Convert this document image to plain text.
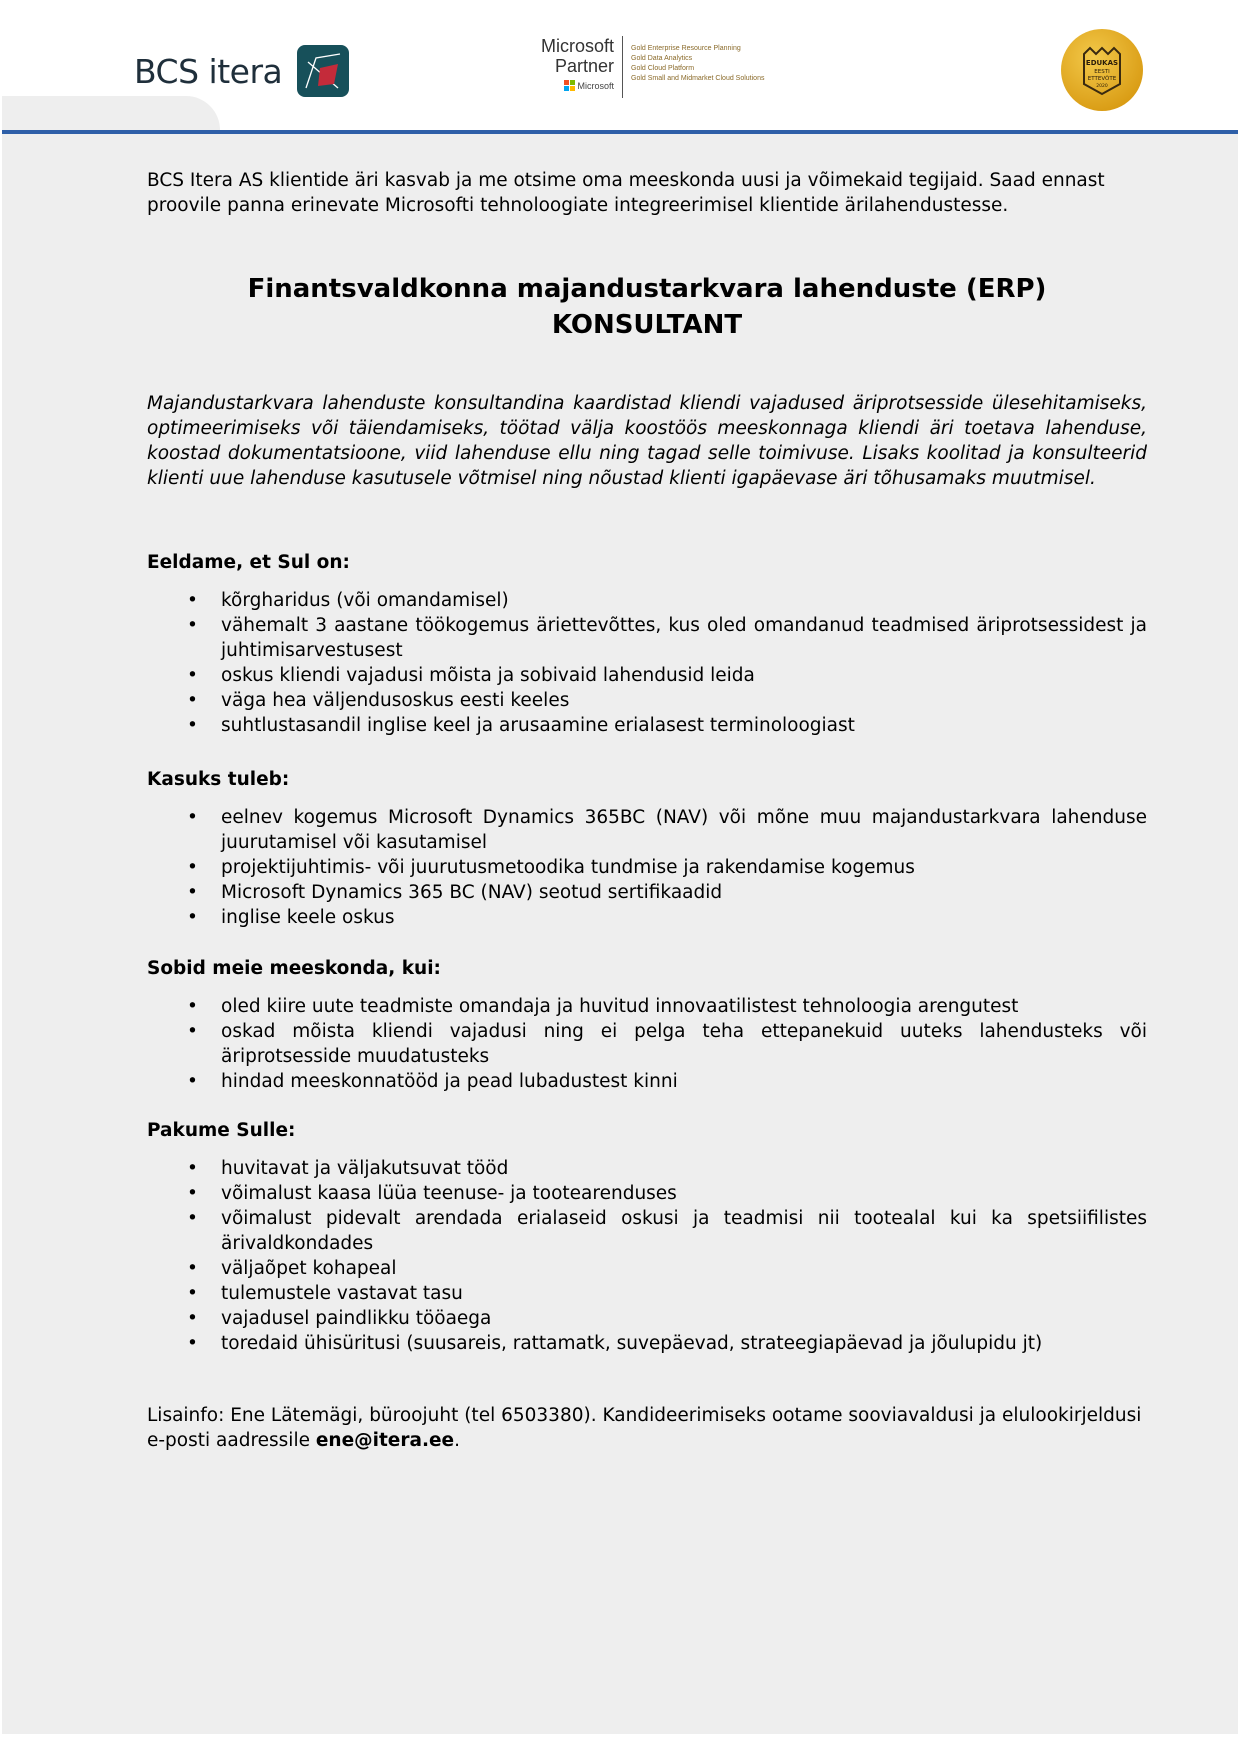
BCS itera
Microsoft
Partner
Microsoft
Gold Enterprise Resource Planning
Gold Data Analytics
Gold Cloud Platform
Gold Small and Midmarket Cloud Solutions
EDUKAS
EESTI
ETTEVÕTE
2020

BCS Itera AS klientide äri kasvab ja me otsime oma meeskonda uusi ja võimekaid tegijaid. Saad ennast proovile panna erinevate Microsofti tehnoloogiate integreerimisel klientide ärilahendustesse.

Finantsvaldkonna majandustarkvara lahenduste (ERP)
KONSULTANT

Majandustarkvara lahenduste konsultandina kaardistad kliendi vajadused äriprotsesside ülesehitamiseks, optimeerimiseks või täiendamiseks, töötad välja koostöös meeskonnaga kliendi äri toetava lahenduse, koostad dokumentatsioone, viid lahenduse ellu ning tagad selle toimivuse. Lisaks koolitad ja konsulteerid klienti uue lahenduse kasutusele võtmisel ning nõustad klienti igapäevase äri tõhusamaks muutmisel.

Eeldame, et Sul on:

• kõrgharidus (või omandamisel)
• vähemalt 3 aastane töökogemus äriettevõttes, kus oled omandanud teadmised äriprotsessidest ja juhtimisarvestusest
• oskus kliendi vajadusi mõista ja sobivaid lahendusid leida
• väga hea väljendusoskus eesti keeles
• suhtlustasandil inglise keel ja arusaamine erialasest terminoloogiast

Kasuks tuleb:

• eelnev kogemus Microsoft Dynamics 365BC (NAV) või mõne muu majandustarkvara lahenduse juurutamisel või kasutamisel
• projektijuhtimis- või juurutusmetoodika tundmise ja rakendamise kogemus
• Microsoft Dynamics 365 BC (NAV) seotud sertifikaadid
• inglise keele oskus

Sobid meie meeskonda, kui:

• oled kiire uute teadmiste omandaja ja huvitud innovaatilistest tehnoloogia arengutest
• oskad mõista kliendi vajadusi ning ei pelga teha ettepanekuid uuteks lahendusteks või äriprotsesside muudatusteks
• hindad meeskonnatööd ja pead lubadustest kinni

Pakume Sulle:

• huvitavat ja väljakutsuvat tööd
• võimalust kaasa lüüa teenuse- ja tootearenduses
• võimalust pidevalt arendada erialaseid oskusi ja teadmisi nii tootealal kui ka spetsiifilistes ärivaldkondades
• väljaõpet kohapeal
• tulemustele vastavat tasu
• vajadusel paindlikku tööaega
• toredaid ühisüritusi (suusareis, rattamatk, suvepäevad, strateegiapäevad ja jõulupidu jt)

Lisainfo: Ene Lätemägi, büroojuht (tel 6503380). Kandideerimiseks ootame sooviavaldusi ja elulookirjeldusi e-posti aadressile ene@itera.ee.
